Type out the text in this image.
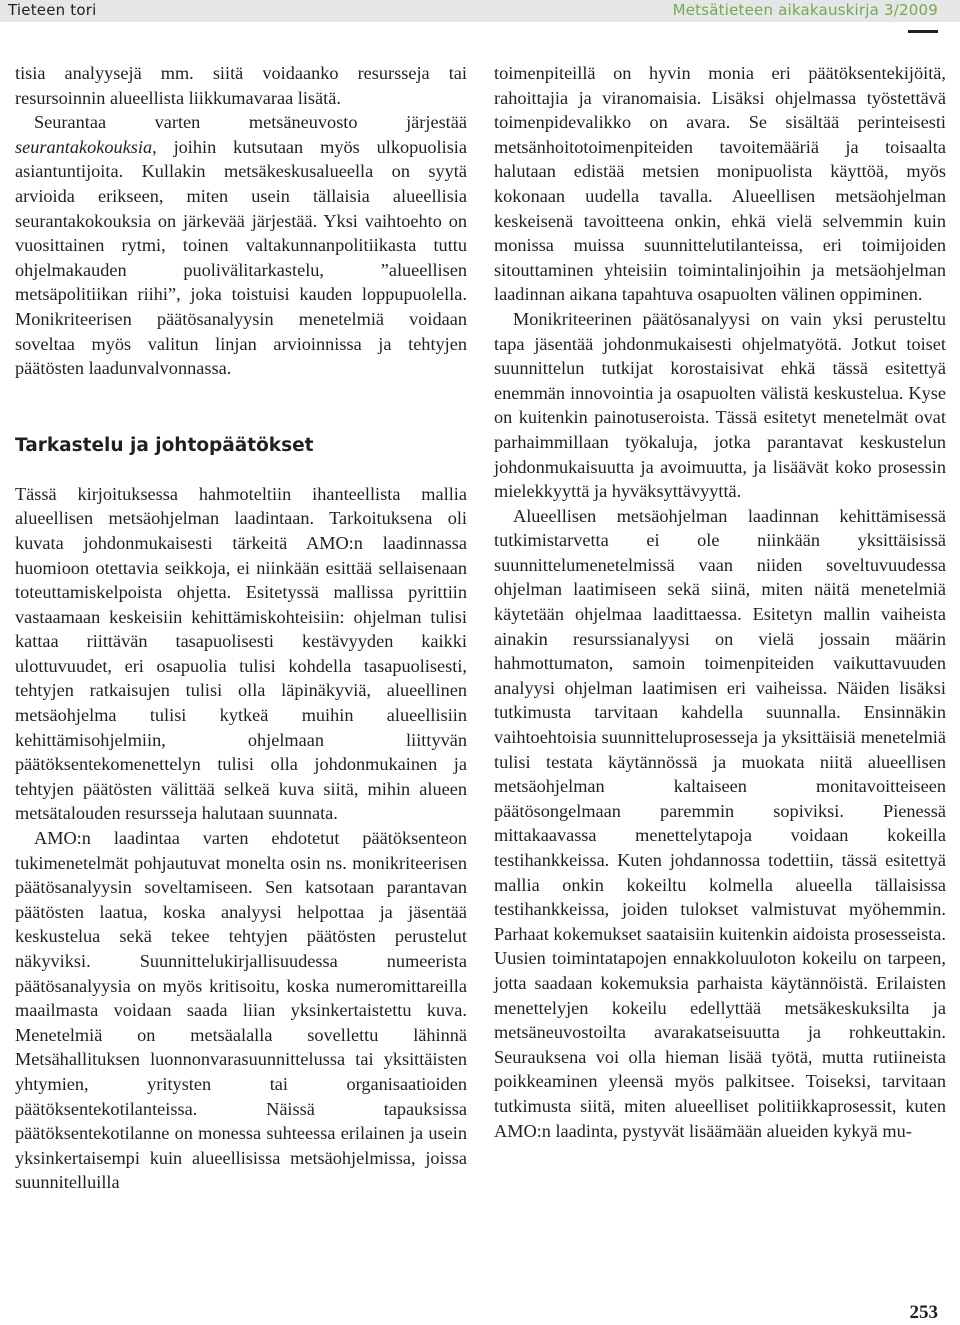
Tieteen tori	Metsätieteen aikakauskirja 3/2009

tisia analyysejä mm. siitä voidaanko resursseja tai resursoinnin alueellista liikkumavaraa lisätä.

Seurantaa varten metsäneuvosto järjestää seurantakokouksia, joihin kutsutaan myös ulkopuolisia asiantuntijoita. Kullakin metsäkeskusalueella on syytä arvioida erikseen, miten usein tällaisia alueellisia seurantakokouksia on järkevää järjestää. Yksi vaihtoehto on vuosittainen rytmi, toinen valtakunnanpolitiikasta tuttu ohjelmakauden puolivälitarkastelu, ”alueellisen metsäpolitiikan riihi”, joka toistuisi kauden loppupuolella. Monikriteerisen päätösanalyysin menetelmiä voidaan soveltaa myös valitun linjan arvioinnissa ja tehtyjen päätösten laadunvalvonnassa.

Tarkastelu ja johtopäätökset

Tässä kirjoituksessa hahmoteltiin ihanteellista mallia alueellisen metsäohjelman laadintaan. Tarkoituksena oli kuvata johdonmukaisesti tärkeitä AMO:n laadinnassa huomioon otettavia seikkoja, ei niinkään esittää sellaisenaan toteuttamiskelpoista ohjetta. Esitetyssä mallissa pyrittiin vastaamaan keskeisiin kehittämiskohteisiin: ohjelman tulisi kattaa riittävän tasapuolisesti kestävyyden kaikki ulottuvuudet, eri osapuolia tulisi kohdella tasapuolisesti, tehtyjen ratkaisujen tulisi olla läpinäkyviä, alueellinen metsäohjelma tulisi kytkeä muihin alueellisiin kehittämisohjelmiin, ohjelmaan liittyvän päätöksentekomenettelyn tulisi olla johdonmukainen ja tehtyjen päätösten välittää selkeä kuva siitä, mihin alueen metsätalouden resursseja halutaan suunnata.

AMO:n laadintaa varten ehdotetut päätöksenteon tukimenetelmät pohjautuvat monelta osin ns. monikriteerisen päätösanalyysin soveltamiseen. Sen katsotaan parantavan päätösten laatua, koska analyysi helpottaa ja jäsentää keskustelua sekä tekee tehtyjen päätösten perustelut näkyviksi. Suunnittelukirjallisuudessa numeerista päätösanalyysia on myös kritisoitu, koska numeromittareilla maailmasta voidaan saada liian yksinkertaistettu kuva. Menetelmiä on metsäalalla sovellettu lähinnä Metsähallituksen luonnonvarasuunnittelussa tai yksittäisten yhtymien, yritysten tai organisaatioiden päätöksentekotilanteissa. Näissä tapauksissa päätöksentekotilanne on monessa suhteessa erilainen ja usein yksinkertaisempi kuin alueellisissa metsäohjelmissa, joissa suunnitelluilla

toimenpiteillä on hyvin monia eri päätöksentekijöitä, rahoittajia ja viranomaisia. Lisäksi ohjelmassa työstettävä toimenpidevalikko on avara. Se sisältää perinteisesti metsänhoitotoimenpiteiden tavoitemääriä ja toisaalta halutaan edistää metsien monipuolista käyttöä, myös kokonaan uudella tavalla. Alueellisen metsäohjelman keskeisenä tavoitteena onkin, ehkä vielä selvemmin kuin monissa muissa suunnittelutilanteissa, eri toimijoiden sitouttaminen yhteisiin toimintalinjoihin ja metsäohjelman laadinnan aikana tapahtuva osapuolten välinen oppiminen.

Monikriteerinen päätösanalyysi on vain yksi perusteltu tapa jäsentää johdonmukaisesti ohjelmatyötä. Jotkut toiset suunnittelun tutkijat korostaisivat ehkä tässä esitettyä enemmän innovointia ja osapuolten välistä keskustelua. Kyse on kuitenkin painotuseroista. Tässä esitetyt menetelmät ovat parhaimmillaan työkaluja, jotka parantavat keskustelun johdonmukaisuutta ja avoimuutta, ja lisäävät koko prosessin mielekkyyttä ja hyväksyttävyyttä.

Alueellisen metsäohjelman laadinnan kehittämisessä tutkimistarvetta ei ole niinkään yksittäisissä suunnittelumenetelmissä vaan niiden soveltuvuudessa ohjelman laatimiseen sekä siinä, miten näitä menetelmiä käytetään ohjelmaa laadittaessa. Esitetyn mallin vaiheista ainakin resurssianalyysi on vielä jossain määrin hahmottumaton, samoin toimenpiteiden vaikuttavuuden analyysi ohjelman laatimisen eri vaiheissa. Näiden lisäksi tutkimusta tarvitaan kahdella suunnalla. Ensinnäkin vaihtoehtoisia suunnitteluprosesseja ja yksittäisiä menetelmiä tulisi testata käytännössä ja muokata niitä alueellisen metsäohjelman kaltaiseen monitavoitteiseen päätösongelmaan paremmin sopiviksi. Pienessä mittakaavassa menettelytapoja voidaan kokeilla testihankkeissa. Kuten johdannossa todettiin, tässä esitettyä mallia onkin kokeiltu kolmella alueella tällaisissa testihankkeissa, joiden tulokset valmistuvat myöhemmin. Parhaat kokemukset saataisiin kuitenkin aidoista prosesseista. Uusien toimintatapojen ennakkoluuloton kokeilu on tarpeen, jotta saadaan kokemuksia parhaista käytännöistä. Erilaisten menettelyjen kokeilu edellyttää metsäkeskuksilta ja metsäneuvostoilta avarakatseisuutta ja rohkeuttakin. Seurauksena voi olla hieman lisää työtä, mutta rutiineista poikkeaminen yleensä myös palkitsee. Toiseksi, tarvitaan tutkimusta siitä, miten alueelliset politiikkaprosessit, kuten AMO:n laadinta, pystyvät lisäämään alueiden kykyä mu-

253
